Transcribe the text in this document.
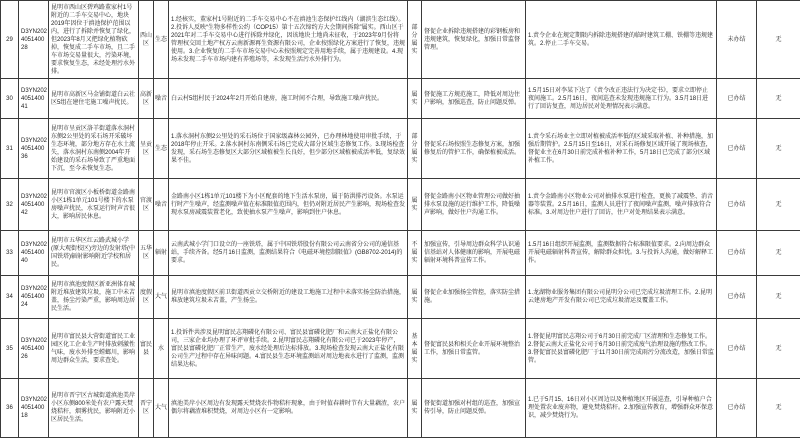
29	D3YN202405140028	昆明市西山区碧鸡路董家村1号附近的二手车交易中心，地块2019年因位于滇池保护范围以内，进行了拆除并恢复了绿化，但2023年8月又把绿化植物砍掉，恢复成二手车市场，且二手车市场交易量很大，污染环境，要求恢复生态，未经处理污水外排。	西山区	生态	1.经核实，董家村1号附近的二手车交易中心不在滇池生态保护红线内（湖滨生态红线）。2.投诉人反映“生物多样性公约（COP15）第十五次缔约方大会期间拆除”属实。西山区于2021年对二手车交易中心进行拆除并绿化，因该地块土地尚未征收，于2023年9月份将管理权交回土地产权方云南新源再生资源有限公司，企业按照绿化方案进行了恢复，违规使用。3.企业恢复的二手车市场交易中心未按照规定完善用地手续，属于违规建设。4.现场未发现二手车市场内建有养殖场等，未发现生活污水外排行为。	部分属实	督促企业拆除违规搭建的彩钢板房和违规建筑，恢复绿化，加强日常监督管理。	1.责令企业在规定期限内拆除违规搭建的临时建筑工棚、铁棚等违规建筑。2.停止二手车交易。	未办结	无

30	D3YN202405140041	昆明市高新区马金铺街道白云社区5组在建住宅施工噪声扰民。	高新区	噪音	白云村5组村民于2024年2月开始自建房，施工时间不合理，导致施工噪声扰民。	属实	督促施工方规范施工，降低对周边住户影响，加强巡查，防止问题反弹。	1.5月15日对李某下达了《责令改正违法行为决定书》，要求立即停止夜间施工。2.5月16日，夜间巡查未发现违规施工行为。3.5月18日进行了回访复查，周边居民对处理情况表示满意。	已办结	无

31	D3YN202405140036	昆明市呈贡区洛羊街道落水洞村东侧2公里处的采石场开采破坏生态环境，部分地方存在水土流失，落水洞村东南侧2004年开始建设的采石场导致了严重地面下沉，至今未恢复生态。	呈贡区	生态	1.落水洞村东侧2公里处的采石场位于国家级森林公园外，已办理林地使用审批手续，于2018年停止开采。2.落水洞村东南侧采石场已完成大部分区域生态修复工作。3.现场检查发现，采石场生态修复区大部分区域植被生长良好，但少部分区域植被成活率低，复绿效果不佳。	部分属实	督促采石场按照生态修复方案，加强修复后的管护工作，确保植被成活。	1.责令采石场业主立即对植被成活率低的区域采取补植、补种措施，加强后期管护。2.5月15日至16日，对采石场修复区域开展了现场核查，督促业主在6月30日前完成补植补种工作，5月18日已完成了部分区域补植工作。	已办结	无

32	D3YN202405140042	昆明市官渡区小板桥街道金路南小区1栋1单元101号楼下的水泵房噪声扰民，水泵运行时声音很大，影响居民休息。	官渡区	噪音	金路南小区1栋1单元101楼下为小区配套的地下生活水泵房，属于防洪排污设备。水泵运行时产生噪声，经监测噪声值在标准限值范围内，但仍对附近居民产生影响，现场检查发现水泵房减震装置老化，致使抽水泵产生噪声，影响到住户休息。	属实	督促金路南小区物业管理公司做好抽排水泵设施的运行维护工作，降低噪声影响，做好住户沟通工作。	1.责令金路南小区物业公司对抽排水泵进行检查，更换了减震垫、消音器等装置。2.5月16日，监测人员进行了夜间噪声监测，噪声排放符合标准。3.对周边住户进行了回访，住户对处理结果表示满意。	已办结	无

33	D3YN202405140040	昆明市五华区红云路武城小学(原大观街校区)旁边的发射塔(中国铁塔)辐射影响附近学校和居民。	五华区	辐射	云南武城小学门口设立的一座铁塔，属于中国铁塔股份有限公司云南省分公司的通信基站，手续齐备。经5月16日监测，监测结果符合《电磁环境控制限值》(GB8702-2014)的要求。	不属实	加强宣传，引导周边群众科学认识通信基站对人体健康的影响，开展电磁辐射环境科普宣传工作。	1.5月16日组织开展监测，监测数据符合标准限值要求。2.向周边群众开展电磁辐射科普宣传，解除群众担忧。3.与投诉人沟通，做好解释工作。	已办结	无

34	D3YN202405140024	昆明市滇池度假区新亚洲体育城附近堆放建筑垃圾，施工中未苫盖，扬尘污染严重，影响周边居民生活。	度假区	大气	昆明市滇池度假区前卫街道西贡立交桥附近的建设工地施工过程中未落实扬尘防治措施，堆放建筑垃圾未苫盖，产生扬尘。	属实	督促企业加强扬尘管控，落实防尘措施。	1.龙湖物业服务集团有限公司昆明分公司已完成垃圾清理工作。2.昆明云建房地产开发有限公司已完成垃圾清运及覆盖工作。	已办结	无

35	D3YN202405140026	昆明市富民县大营街道富民工业园区化工企业生产时排放刺激性气味，废水外排至螳螂川，影响周边群众生活，要求查处。	富民县	水	1.投诉件共涉及昆明富民志翔磷化有限公司、富民县富磷化肥厂和云南大正盐化有限公司，三家企业均办理了环评审批手续。2.昆明富民志翔磷化有限公司已于2023年停产，富民县富磷化肥厂正常生产，废水经处理后达标排放。3.现场检查发现云南大正盐化有限公司生产过程中存在异味问题。4.富民县生态环境监测站对周边地表水进行了监测，监测结果达标。	基本属实	督促富民县和相关企业开展环境整治工作，加强日常监管。	1.督促昆明富民志翔公司于6月30日前完成厂区清理和生态修复工作。2.督促云南大正盐化公司于6月30日前完成废气治理设施的整改工作。3.督促富民县富磷化肥厂于11月30日前完成雨污分流改造，加强日常监管。	已办结	无

36	D3YN202405140018	昆明市晋宁区古城街道滇池美岸小区东侧800米处有农户露天焚烧秸秆，烟雾扰民，影响附近小区居民生活。	晋宁区	大气	滇池美岸小区周边有发现露天焚烧农作物秸秆现象，由于时值春耕时节有大量藕渣，农户偶尔将藕渣堆积焚烧，对周边小区有一定影响。	属实	督促街道加强对村组的巡查，加强宣传引导，防止问题反弹。	1.已于5月15、16日对小区周边以及种植地区开展巡查，引导种植户合理处置农业废弃物，避免焚烧秸秆。2.加强宣传教育，增强群众环保意识，减少焚烧行为。	已办结	无
